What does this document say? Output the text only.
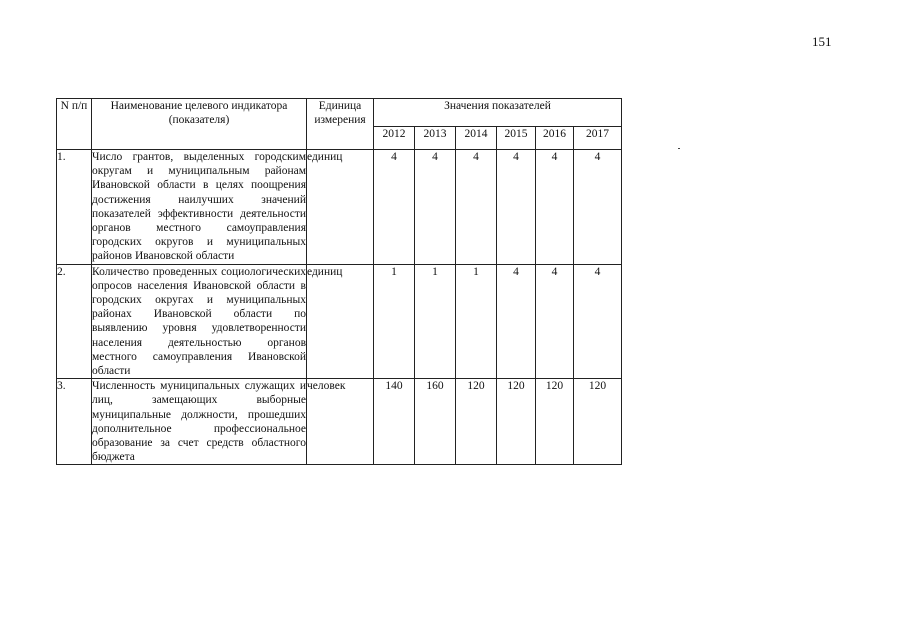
151
N п/п	Наименование целевого индикатора (показателя)	Единица измерения	Значения показателей					
			2012	2013	2014	2015	2016	2017
1.	Число грантов, выделенных городским округам и муниципальным районам Ивановской области в целях поощрения достижения наилучших значений показателей эффективности деятельности органов местного самоуправления городских округов и муниципальных районов Ивановской области	единиц	4	4	4	4	4	4
2.	Количество проведенных социологических опросов населения Ивановской области в городских округах и муниципальных районах Ивановской области по выявлению уровня удовлетворенности населения деятельностью органов местного самоуправления Ивановской области	единиц	1	1	1	4	4	4
3.	Численность муниципальных служащих и лиц, замещающих выборные муниципальные должности, прошедших дополнительное профессиональное образование за счет средств областного бюджета	человек	140	160	120	120	120	120
